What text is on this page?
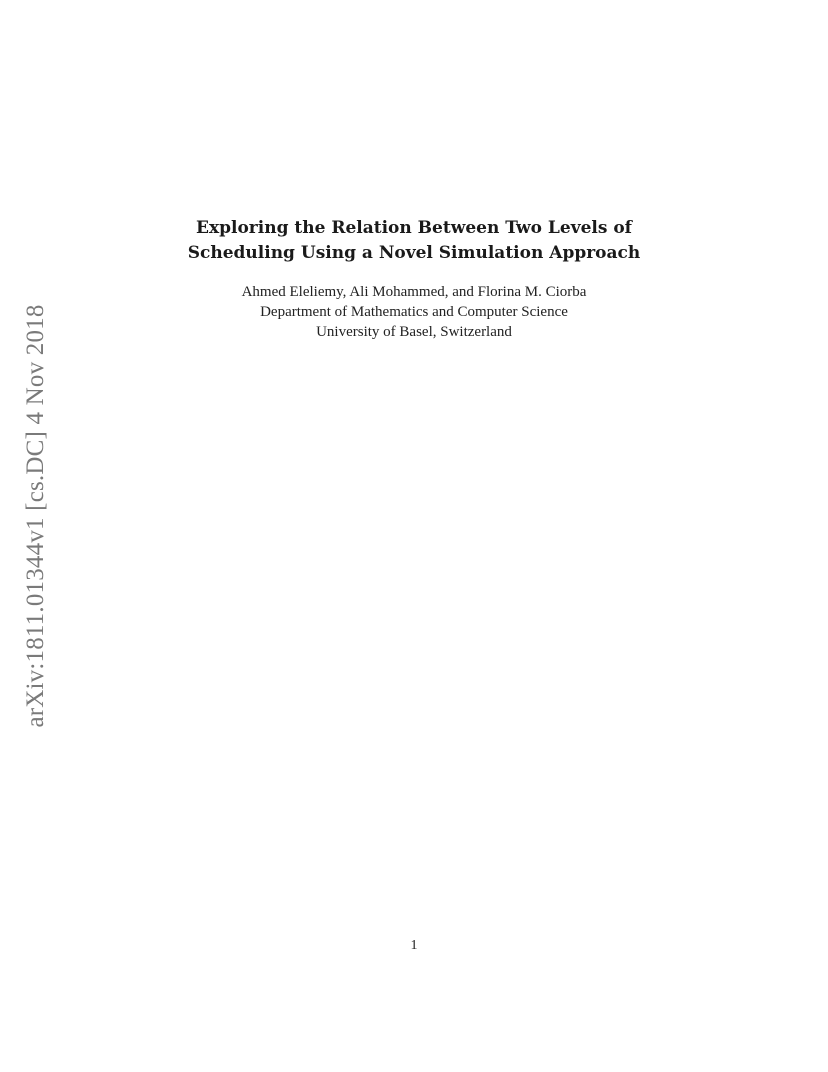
arXiv:1811.01344v1 [cs.DC] 4 Nov 2018
Exploring the Relation Between Two Levels of
Scheduling Using a Novel Simulation Approach
Ahmed Eleliemy, Ali Mohammed, and Florina M. Ciorba
Department of Mathematics and Computer Science
University of Basel, Switzerland
1
